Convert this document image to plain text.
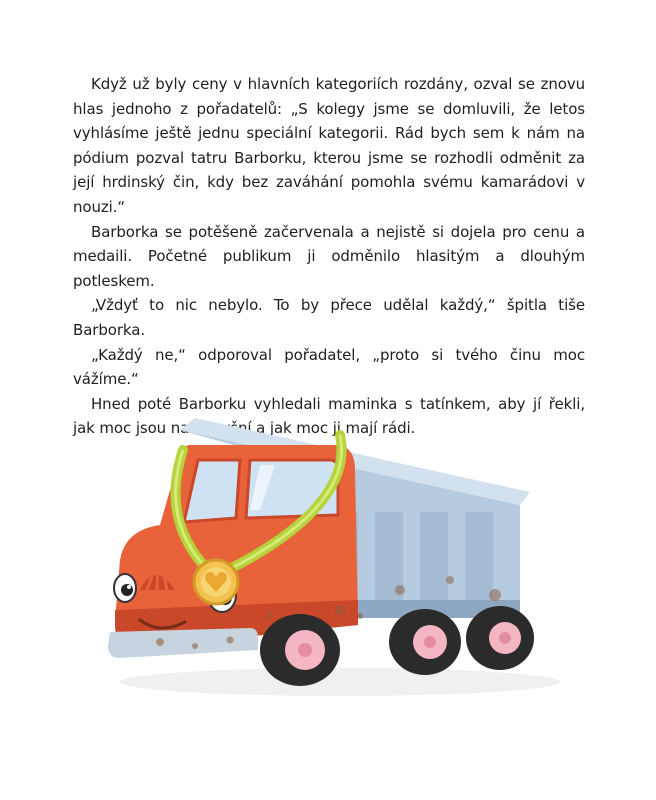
Když už byly ceny v hlavních kategoriích rozdány, ozval se znovu hlas jednoho z pořadatelů: „S kolegy jsme se domluvili, že letos vyhlásíme ještě jednu speciální kategorii. Rád bych sem k nám na pódium pozval tatru Barborku, kterou jsme se rozhodli odměnit za její hrdinský čin, kdy bez zaváhání pomohla svému kamarádovi v nouzi.“

Barborka se potěšeně začervenala a nejistě si dojela pro cenu a medaili. Početné publikum ji odměnilo hlasitým a dlouhým potleskem.

„Vždyť to nic nebylo. To by přece udělal každý,“ špitla tiše Barborka.

„Každý ne,“ odporoval pořadatel, „proto si tvého činu moc vážíme.“

Hned poté Barborku vyhledali maminka s tatínkem, aby jí řekli, jak moc jsou na ni pyšní a jak moc ji mají rádi.
